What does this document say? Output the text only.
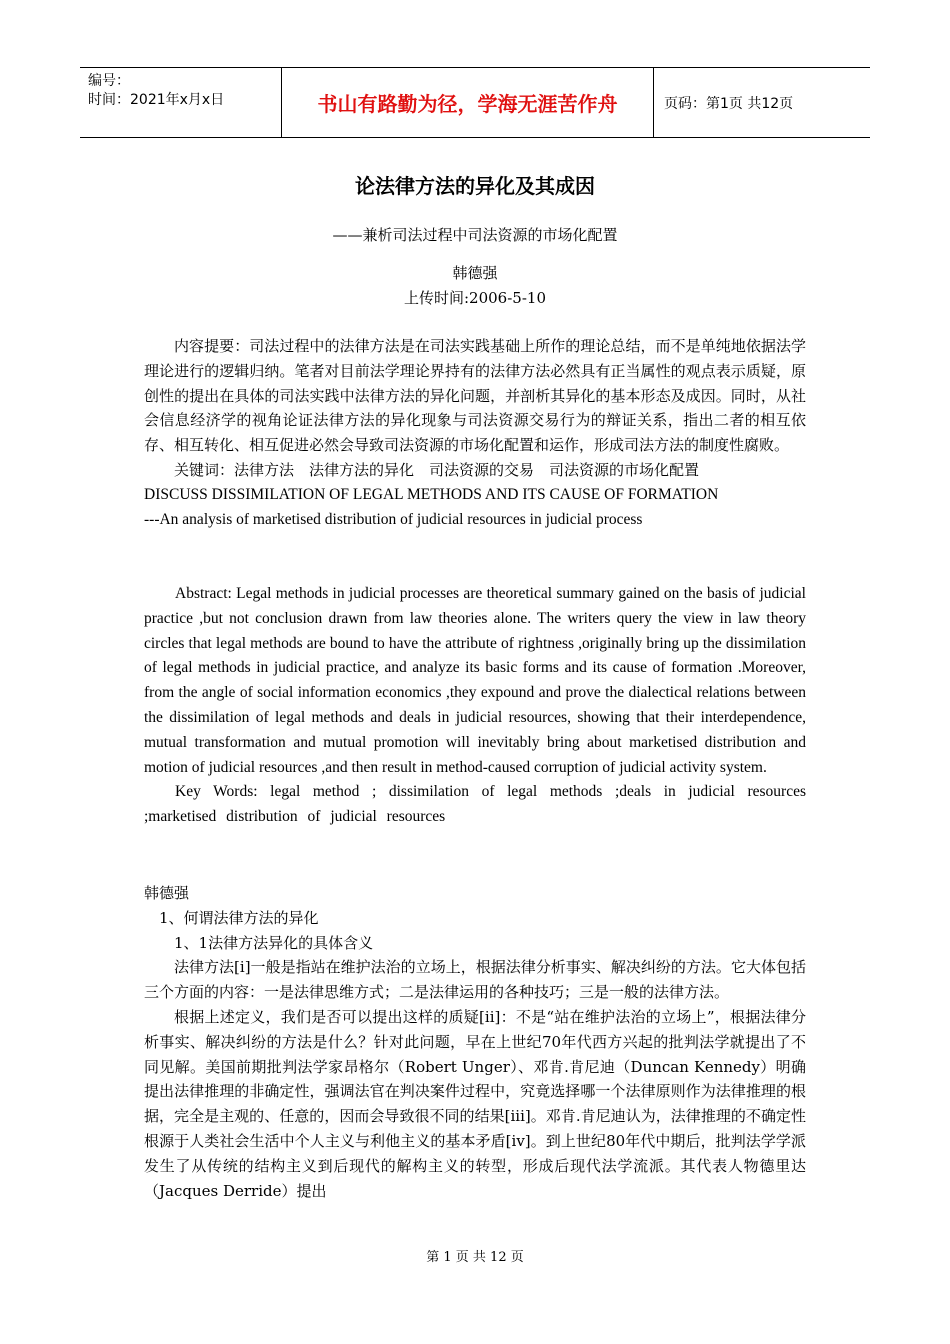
编号：
时间：2021年x月x日	书山有路勤为径，学海无涯苦作舟	页码：第1页 共12页
论法律方法的异化及其成因
——兼析司法过程中司法资源的市场化配置
韩德强
上传时间:2006-5-10

内容提要：司法过程中的法律方法是在司法实践基础上所作的理论总结，而不是单纯地依据法学理论进行的逻辑归纳。笔者对目前法学理论界持有的法律方法必然具有正当属性的观点表示质疑，原创性的提出在具体的司法实践中法律方法的异化问题，并剖析其异化的基本形态及成因。同时，从社会信息经济学的视角论证法律方法的异化现象与司法资源交易行为的辩证关系，指出二者的相互依存、相互转化、相互促进必然会导致司法资源的市场化配置和运作，形成司法方法的制度性腐败。

关键词：法律方法　法律方法的异化　司法资源的交易　司法资源的市场化配置

DISCUSS DISSIMILATION OF LEGAL METHODS AND ITS CAUSE OF FORMATION

---An analysis of marketised distribution of judicial resources in judicial process

Abstract: Legal methods in judicial processes are theoretical summary gained on the basis of judicial practice ,but not conclusion drawn from law theories alone. The writers query the view in law theory circles that legal methods are bound to have the attribute of rightness ,originally bring up the dissimilation of legal methods in judicial practice, and analyze its basic forms and its cause of formation .Moreover, from the angle of social information economics ,they expound and prove the dialectical relations between the dissimilation of legal methods and deals in judicial resources, showing that their interdependence, mutual transformation and mutual promotion will inevitably bring about marketised distribution and motion of judicial resources ,and then result in method-caused corruption of judicial activity system.

Key Words: legal method ; dissimilation of legal methods ;deals in judicial resources ;marketised distribution of judicial resources

韩德强

1、何谓法律方法的异化

1、1法律方法异化的具体含义

法律方法[i]一般是指站在维护法治的立场上，根据法律分析事实、解决纠纷的方法。它大体包括三个方面的内容：一是法律思维方式；二是法律运用的各种技巧；三是一般的法律方法。

根据上述定义，我们是否可以提出这样的质疑[ii]：不是“站在维护法治的立场上”，根据法律分析事实、解决纠纷的方法是什么？针对此问题，早在上世纪70年代西方兴起的批判法学就提出了不同见解。美国前期批判法学家昂格尔（Robert Unger）、邓肯.肯尼迪（Duncan Kennedy）明确提出法律推理的非确定性，强调法官在判决案件过程中，究竟选择哪一个法律原则作为法律推理的根据，完全是主观的、任意的，因而会导致很不同的结果[iii]。邓肯.肯尼迪认为，法律推理的不确定性根源于人类社会生活中个人主义与利他主义的基本矛盾[iv]。到上世纪80年代中期后，批判法学学派发生了从传统的结构主义到后现代的解构主义的转型，形成后现代法学流派。其代表人物德里达（Jacques Derride）提出

第 1 页 共 12 页
